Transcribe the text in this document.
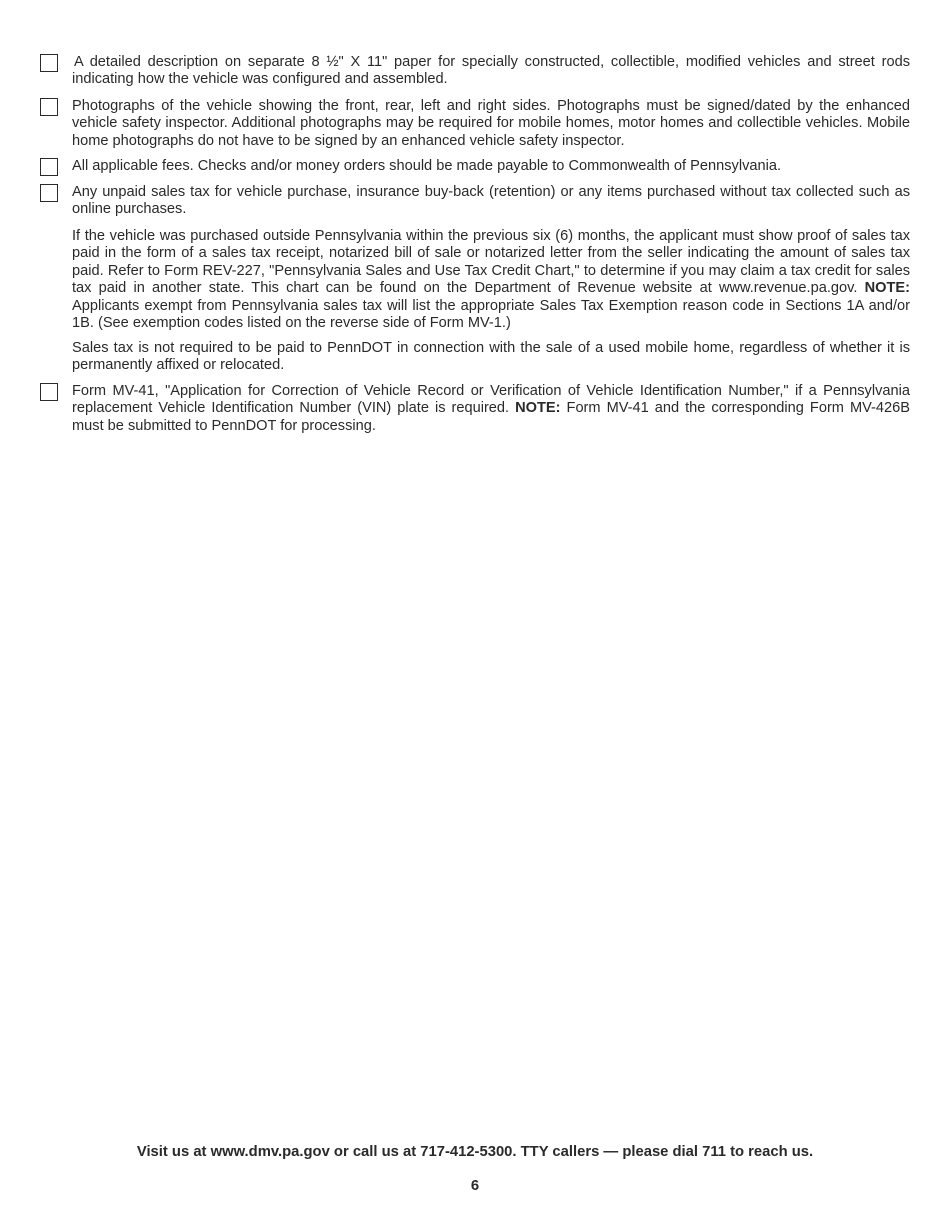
A detailed description on separate 8 ½" X 11" paper for specially constructed, collectible, modified vehicles and street rods indicating how the vehicle was configured and assembled.
Photographs of the vehicle showing the front, rear, left and right sides. Photographs must be signed/dated by the enhanced vehicle safety inspector. Additional photographs may be required for mobile homes, motor homes and collectible vehicles. Mobile home photographs do not have to be signed by an enhanced vehicle safety inspector.
All applicable fees. Checks and/or money orders should be made payable to Commonwealth of Pennsylvania.
Any unpaid sales tax for vehicle purchase, insurance buy-back (retention) or any items purchased without tax collected such as online purchases.
If the vehicle was purchased outside Pennsylvania within the previous six (6) months, the applicant must show proof of sales tax paid in the form of a sales tax receipt, notarized bill of sale or notarized letter from the seller indicating the amount of sales tax paid. Refer to Form REV-227, "Pennsylvania Sales and Use Tax Credit Chart," to determine if you may claim a tax credit for sales tax paid in another state. This chart can be found on the Department of Revenue website at www.revenue.pa.gov. NOTE: Applicants exempt from Pennsylvania sales tax will list the appropriate Sales Tax Exemption reason code in Sections 1A and/or 1B. (See exemption codes listed on the reverse side of Form MV-1.)
Sales tax is not required to be paid to PennDOT in connection with the sale of a used mobile home, regardless of whether it is permanently affixed or relocated.
Form MV-41, "Application for Correction of Vehicle Record or Verification of Vehicle Identification Number," if a Pennsylvania replacement Vehicle Identification Number (VIN) plate is required. NOTE: Form MV-41 and the corresponding Form MV-426B must be submitted to PennDOT for processing.
Visit us at www.dmv.pa.gov or call us at 717-412-5300. TTY callers — please dial 711 to reach us.
6
